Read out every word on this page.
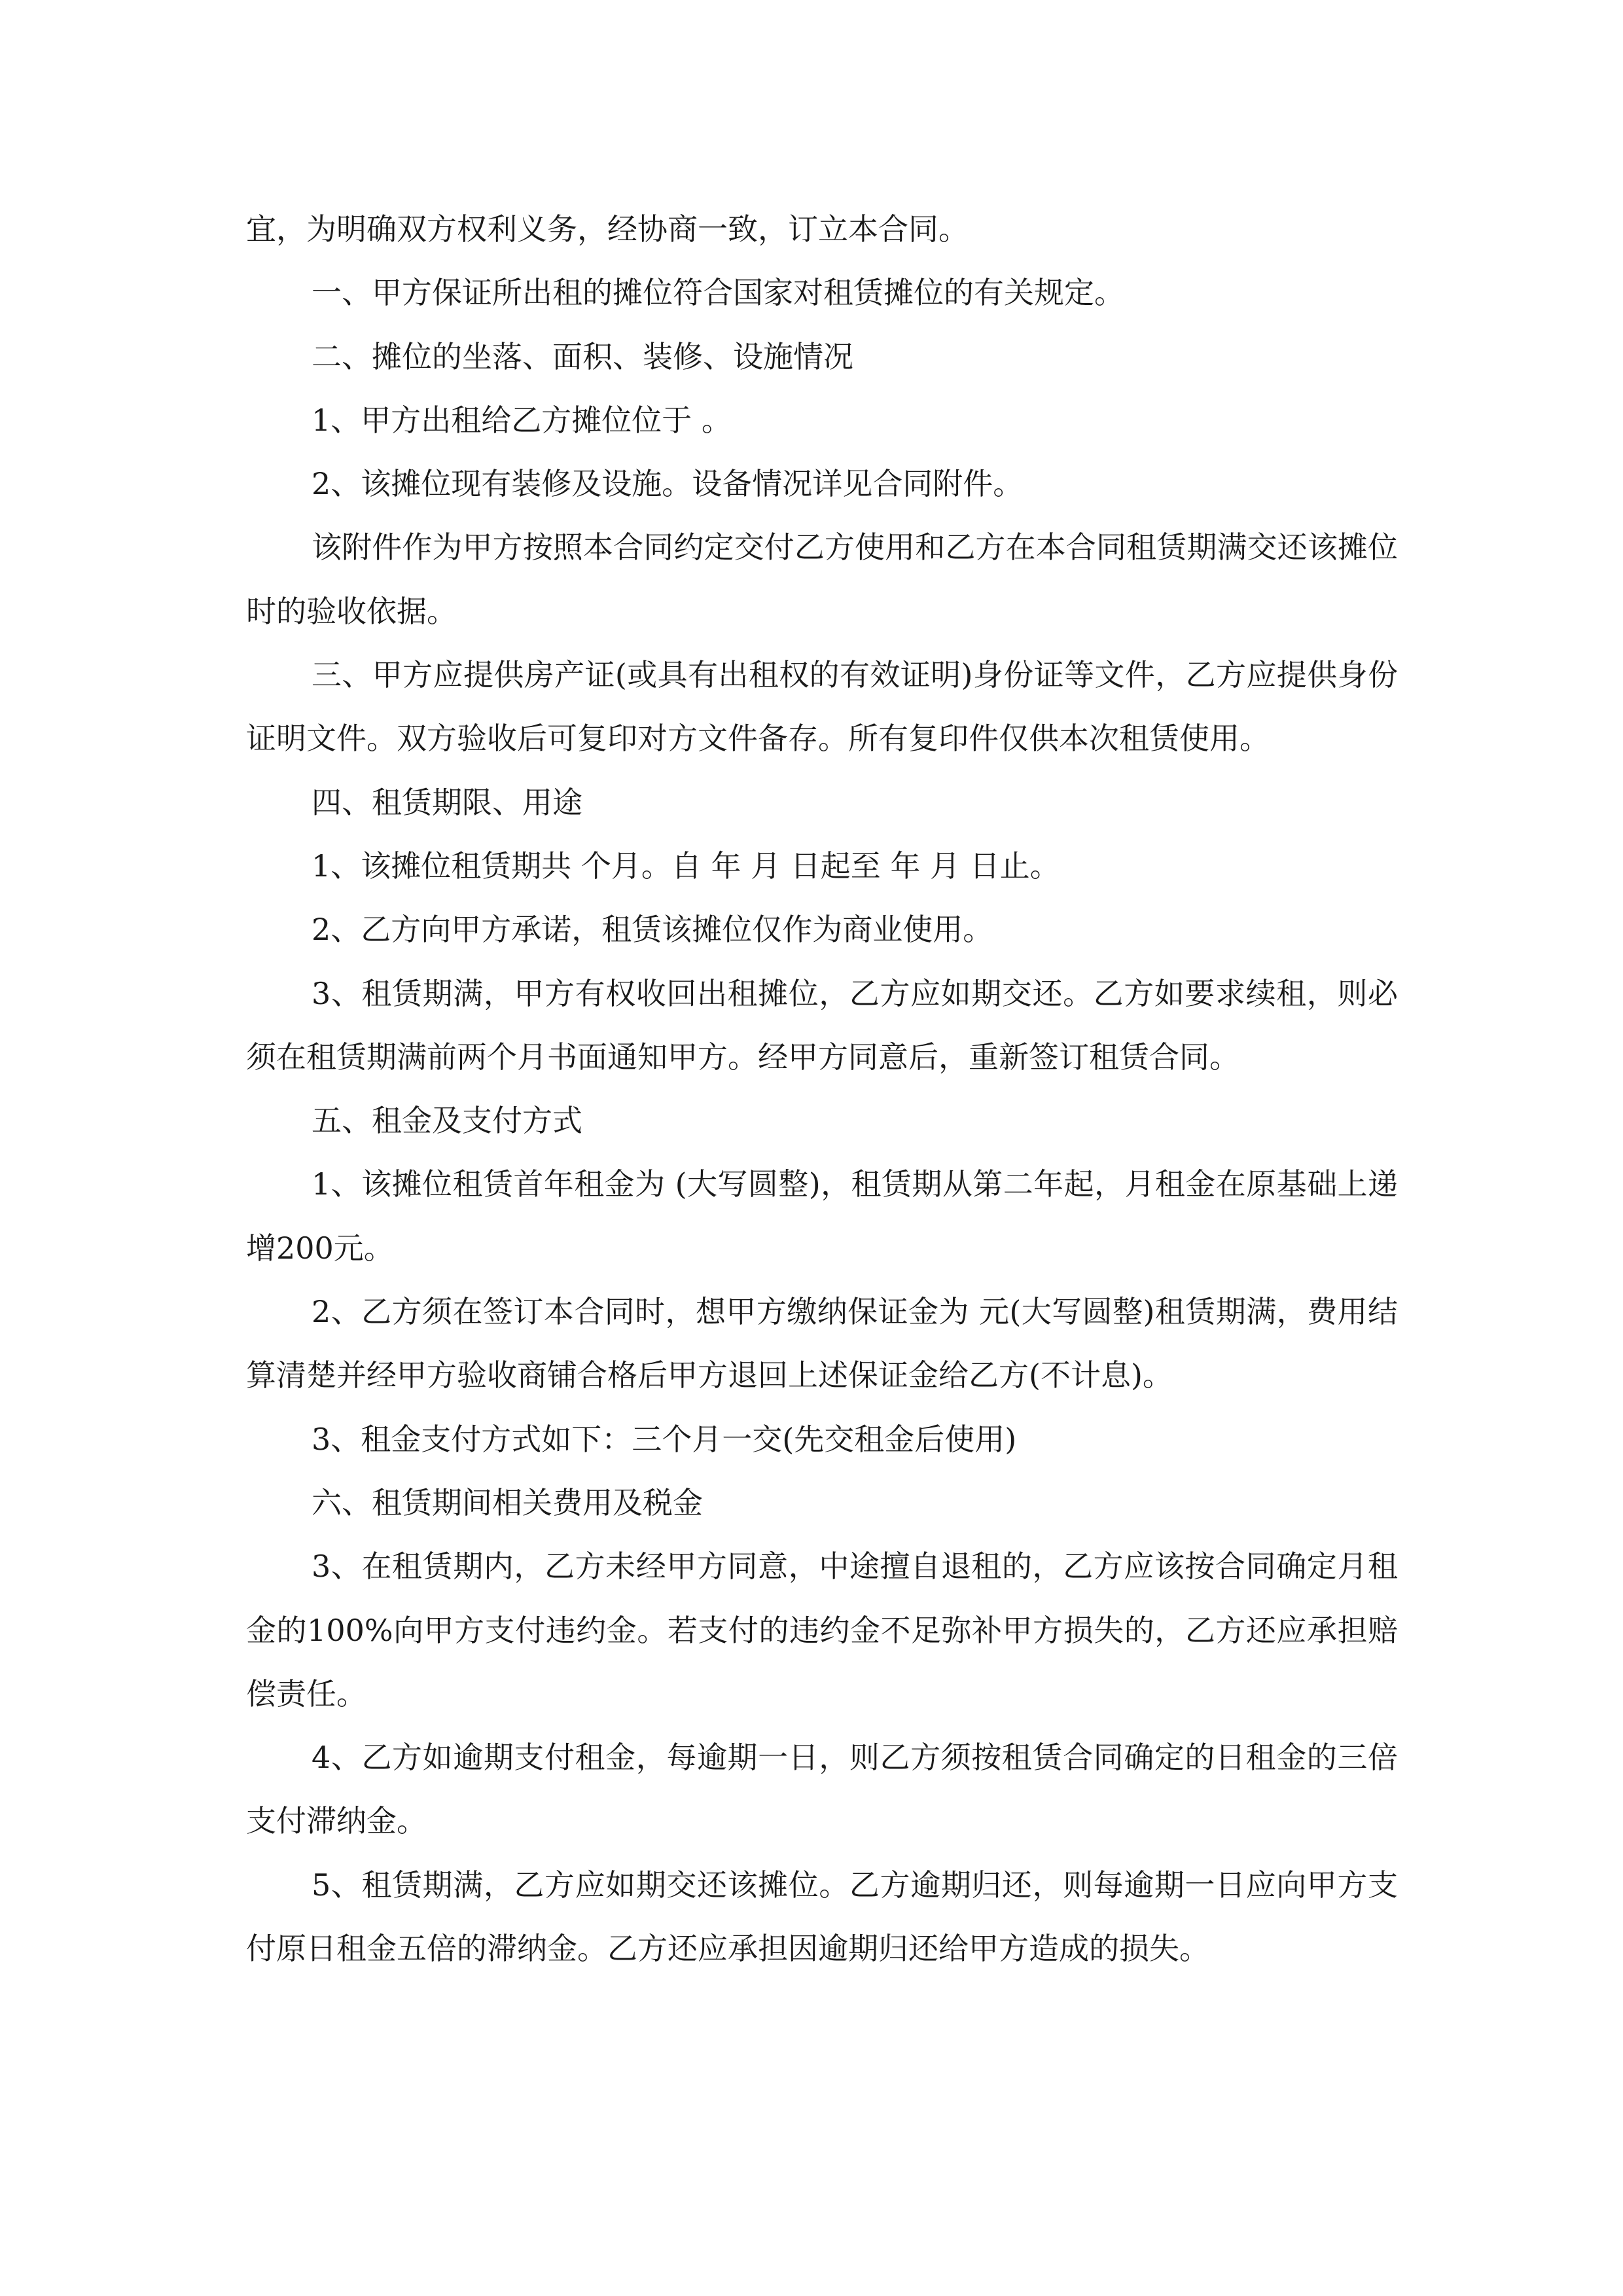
宜，为明确双方权利义务，经协商一致，订立本合同。

一、甲方保证所出租的摊位符合国家对租赁摊位的有关规定。

二、摊位的坐落、面积、装修、设施情况

1、甲方出租给乙方摊位位于 。

2、该摊位现有装修及设施。设备情况详见合同附件。

该附件作为甲方按照本合同约定交付乙方使用和乙方在本合同租赁期满交还该摊位时的验收依据。

三、甲方应提供房产证(或具有出租权的有效证明)身份证等文件，乙方应提供身份证明文件。双方验收后可复印对方文件备存。所有复印件仅供本次租赁使用。

四、租赁期限、用途

1、该摊位租赁期共 个月。自 年 月 日起至 年 月 日止。

2、乙方向甲方承诺，租赁该摊位仅作为商业使用。

3、租赁期满，甲方有权收回出租摊位，乙方应如期交还。乙方如要求续租，则必须在租赁期满前两个月书面通知甲方。经甲方同意后，重新签订租赁合同。

五、租金及支付方式

1、该摊位租赁首年租金为 (大写圆整)，租赁期从第二年起，月租金在原基础上递增200元。

2、乙方须在签订本合同时，想甲方缴纳保证金为 元(大写圆整)租赁期满，费用结算清楚并经甲方验收商铺合格后甲方退回上述保证金给乙方(不计息)。

3、租金支付方式如下：三个月一交(先交租金后使用)

六、租赁期间相关费用及税金

3、在租赁期内，乙方未经甲方同意，中途擅自退租的，乙方应该按合同确定月租金的100%向甲方支付违约金。若支付的违约金不足弥补甲方损失的，乙方还应承担赔偿责任。

4、乙方如逾期支付租金，每逾期一日，则乙方须按租赁合同确定的日租金的三倍支付滞纳金。

5、租赁期满，乙方应如期交还该摊位。乙方逾期归还，则每逾期一日应向甲方支付原日租金五倍的滞纳金。乙方还应承担因逾期归还给甲方造成的损失。
